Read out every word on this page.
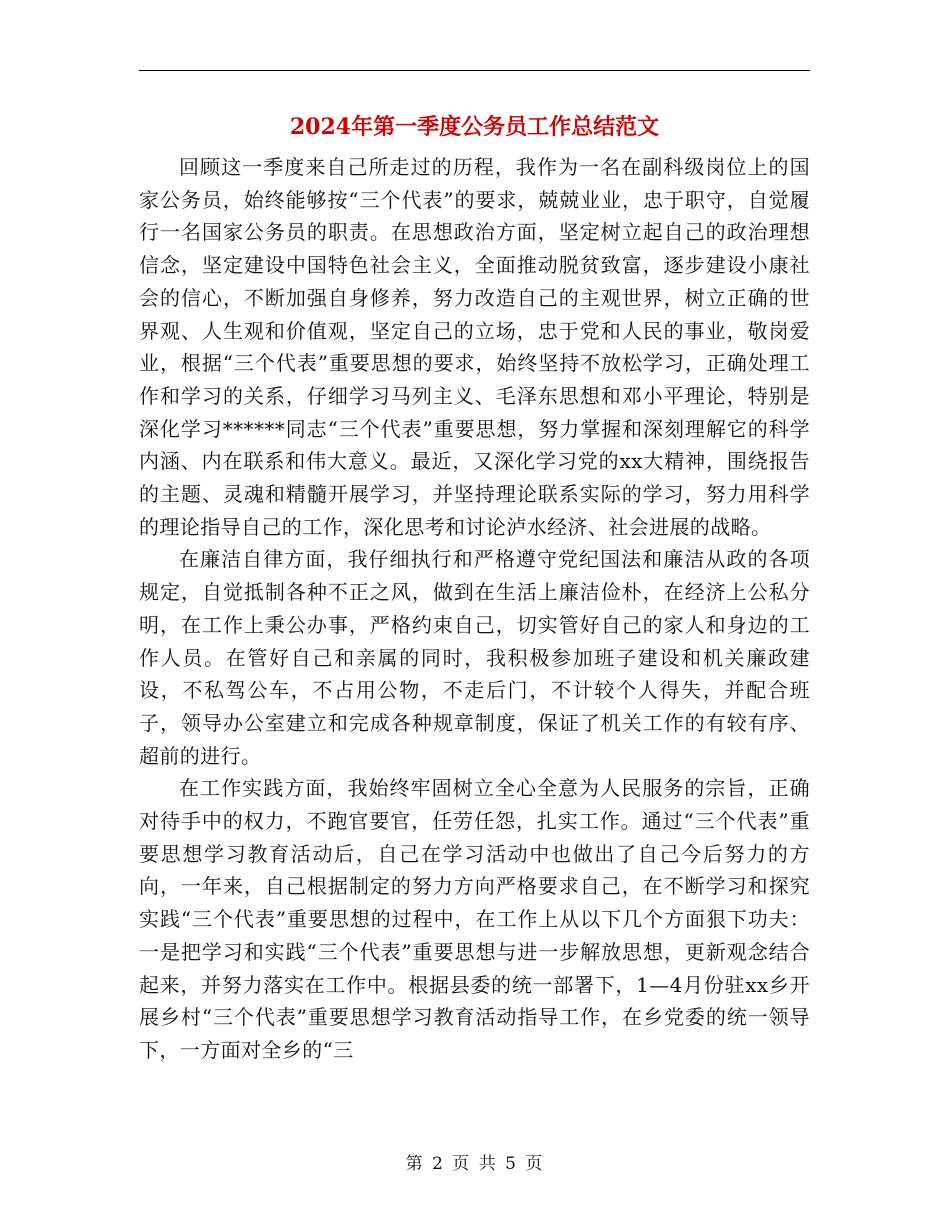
2024年第一季度公务员工作总结范文

回顾这一季度来自己所走过的历程，我作为一名在副科级岗位上的国家公务员，始终能够按“三个代表”的要求，兢兢业业，忠于职守，自觉履行一名国家公务员的职责。在思想政治方面，坚定树立起自己的政治理想信念，坚定建设中国特色社会主义，全面推动脱贫致富，逐步建设小康社会的信心，不断加强自身修养，努力改造自己的主观世界，树立正确的世界观、人生观和价值观，坚定自己的立场，忠于党和人民的事业，敬岗爱业，根据“三个代表”重要思想的要求，始终坚持不放松学习，正确处理工作和学习的关系，仔细学习马列主义、毛泽东思想和邓小平理论，特别是深化学习******同志“三个代表”重要思想，努力掌握和深刻理解它的科学内涵、内在联系和伟大意义。最近，又深化学习党的xx大精神，围绕报告的主题、灵魂和精髓开展学习，并坚持理论联系实际的学习，努力用科学的理论指导自己的工作，深化思考和讨论泸水经济、社会进展的战略。

在廉洁自律方面，我仔细执行和严格遵守党纪国法和廉洁从政的各项规定，自觉抵制各种不正之风，做到在生活上廉洁俭朴，在经济上公私分明，在工作上秉公办事，严格约束自己，切实管好自己的家人和身边的工作人员。在管好自己和亲属的同时，我积极参加班子建设和机关廉政建设，不私驾公车，不占用公物，不走后门，不计较个人得失，并配合班子，领导办公室建立和完成各种规章制度，保证了机关工作的有较有序、超前的进行。

在工作实践方面，我始终牢固树立全心全意为人民服务的宗旨，正确对待手中的权力，不跑官要官，任劳任怨，扎实工作。通过“三个代表”重要思想学习教育活动后，自己在学习活动中也做出了自己今后努力的方向，一年来，自己根据制定的努力方向严格要求自己，在不断学习和探究实践“三个代表”重要思想的过程中，在工作上从以下几个方面狠下功夫：一是把学习和实践“三个代表”重要思想与进一步解放思想，更新观念结合起来，并努力落实在工作中。根据县委的统一部署下，1—4月份驻xx乡开展乡村“三个代表”重要思想学习教育活动指导工作，在乡党委的统一领导下，一方面对全乡的“三

第 2 页 共 5 页
